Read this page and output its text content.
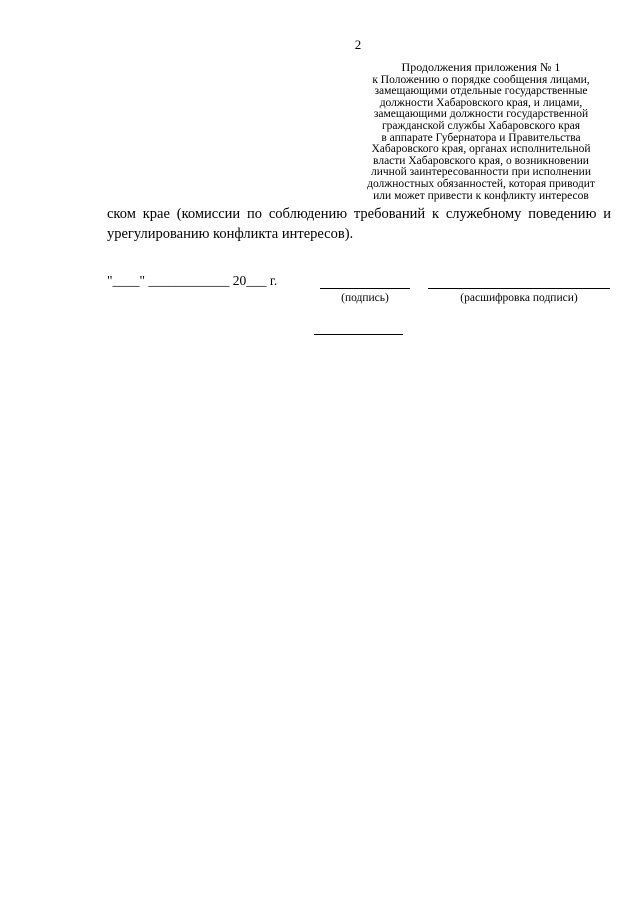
2
Продолжения приложения № 1
к Положению о порядке сообщения лицами,
замещающими отдельные государственные
должности Хабаровского края, и лицами,
замещающими должности государственной
гражданской службы Хабаровского края
в аппарате Губернатора и Правительства
Хабаровского края, органах исполнительной
власти Хабаровского края, о возникновении
личной заинтересованности при исполнении
должностных обязанностей, которая приводит
или может привести к конфликту интересов
ском крае (комиссии по соблюдению требований к служебному поведению и
урегулированию конфликта интересов).
"____" ____________ 20___ г.
(подпись)	(расшифровка подписи)
